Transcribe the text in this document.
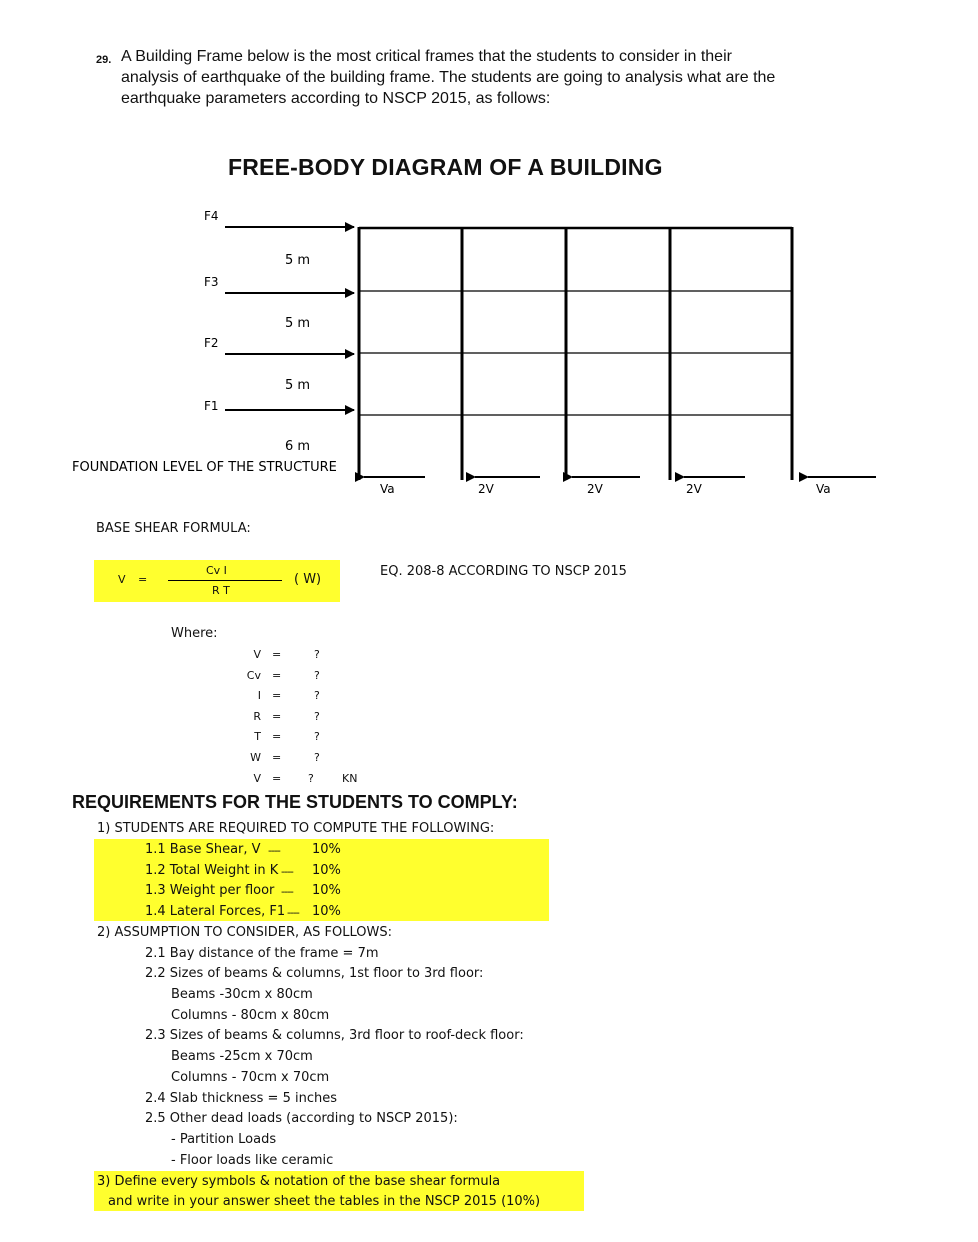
29. A Building Frame below is the most critical frames that the students to consider in their
analysis of earthquake of the building frame. The students are going to analysis what are the
earthquake parameters according to NSCP 2015, as follows:
FREE-BODY DIAGRAM OF A BUILDING
F4
F3
F2
F1
5 m
5 m
5 m
6 m
FOUNDATION LEVEL OF THE STRUCTURE
Va	2V	2V	2V	Va
BASE SHEAR FORMULA:
V =
Cv I
R T
( W)
EQ. 208-8 ACCORDING TO NSCP 2015
Where:
V =	?
Cv =	?
I =	?
R =	?
T =	?
W =	?
V = ?	KN
REQUIREMENTS FOR THE STUDENTS TO COMPLY:
1) STUDENTS ARE REQUIRED TO COMPUTE THE FOLLOWING:
1.1 Base Shear, V ---- 10%
1.2 Total Weight in K ---- 10%
1.3 Weight per floor ---- 10%
1.4 Lateral Forces, F1 ---- 10%
2) ASSUMPTION TO CONSIDER, AS FOLLOWS:
2.1 Bay distance of the frame = 7m
2.2 Sizes of beams & columns, 1st floor to 3rd floor:
Beams -30cm x 80cm
Columns - 80cm x 80cm
2.3 Sizes of beams & columns, 3rd floor to roof-deck floor:
Beams -25cm x 70cm
Columns - 70cm x 70cm
2.4 Slab thickness = 5 inches
2.5 Other dead loads (according to NSCP 2015):
- Partition Loads
- Floor loads like ceramic
3) Define every symbols & notation of the base shear formula
and write in your answer sheet the tables in the NSCP 2015 (10%)
